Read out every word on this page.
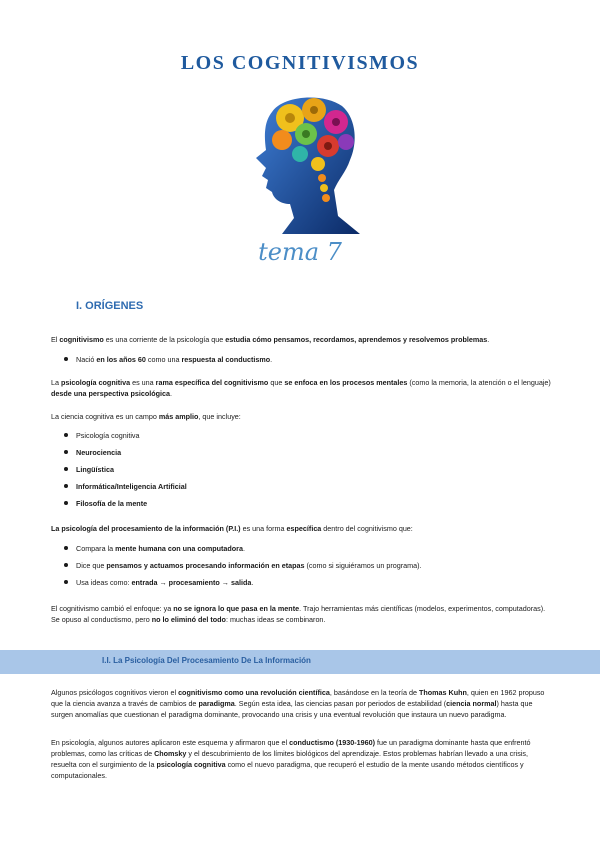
LOS COGNITIVISMOS
tema 7
I. ORÍGENES

El cognitivismo es una corriente de la psicología que estudia cómo pensamos, recordamos, aprendemos y resolvemos problemas.

Nació en los años 60 como una respuesta al conductismo.

La psicología cognitiva es una rama específica del cognitivismo que se enfoca en los procesos mentales (como la memoria, la atención o el lenguaje) desde una perspectiva psicológica.

La ciencia cognitiva es un campo más amplio, que incluye:

Psicología cognitiva
Neurociencia
Lingüística
Informática/Inteligencia Artificial
Filosofía de la mente

La psicología del procesamiento de la información (P.I.) es una forma específica dentro del cognitivismo que:

Compara la mente humana con una computadora.
Dice que pensamos y actuamos procesando información en etapas (como si siguiéramos un programa).
Usa ideas como: entrada → procesamiento → salida.

El cognitivismo cambió el enfoque: ya no se ignora lo que pasa en la mente. Trajo herramientas más científicas (modelos, experimentos, computadoras). Se opuso al conductismo, pero no lo eliminó del todo: muchas ideas se combinaron.

I.I. La Psicología Del Procesamiento De La Información

Algunos psicólogos cognitivos vieron el cognitivismo como una revolución científica, basándose en la teoría de Thomas Kuhn, quien en 1962 propuso que la ciencia avanza a través de cambios de paradigma. Según esta idea, las ciencias pasan por periodos de estabilidad (ciencia normal) hasta que surgen anomalías que cuestionan el paradigma dominante, provocando una crisis y una eventual revolución que instaura un nuevo paradigma.

En psicología, algunos autores aplicaron este esquema y afirmaron que el conductismo (1930-1960) fue un paradigma dominante hasta que enfrentó problemas, como las críticas de Chomsky y el descubrimiento de los límites biológicos del aprendizaje. Estos problemas habrían llevado a una crisis, resuelta con el surgimiento de la psicología cognitiva como el nuevo paradigma, que recuperó el estudio de la mente usando métodos científicos y computacionales.
